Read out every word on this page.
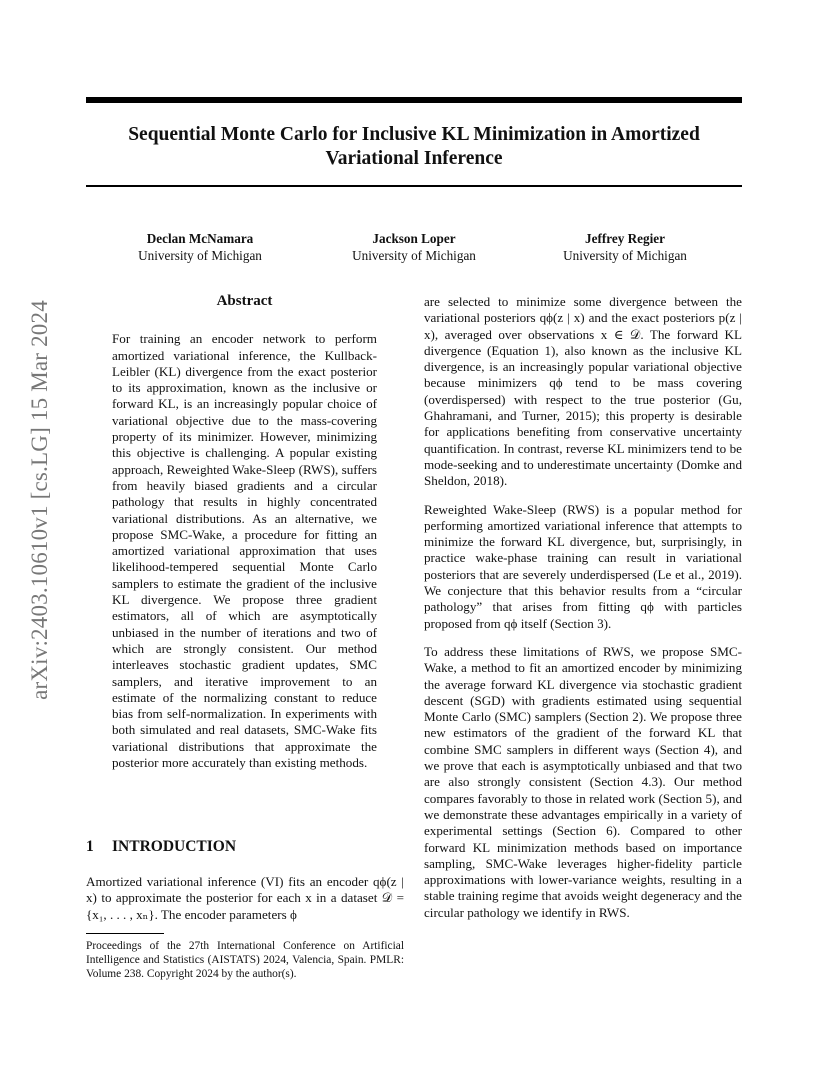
arXiv:2403.10610v1 [cs.LG] 15 Mar 2024
Sequential Monte Carlo for Inclusive KL Minimization in Amortized
Variational Inference
Declan McNamara
University of Michigan
Jackson Loper
University of Michigan
Jeffrey Regier
University of Michigan
Abstract
For training an encoder network to perform amortized variational inference, the Kullback-Leibler (KL) divergence from the exact posterior to its approximation, known as the inclusive or forward KL, is an increasingly popular choice of variational objective due to the mass-covering property of its minimizer. However, minimizing this objective is challenging. A popular existing approach, Reweighted Wake-Sleep (RWS), suffers from heavily biased gradients and a circular pathology that results in highly concentrated variational distributions. As an alternative, we propose SMC-Wake, a procedure for fitting an amortized variational approximation that uses likelihood-tempered sequential Monte Carlo samplers to estimate the gradient of the inclusive KL divergence. We propose three gradient estimators, all of which are asymptotically unbiased in the number of iterations and two of which are strongly consistent. Our method interleaves stochastic gradient updates, SMC samplers, and iterative improvement to an estimate of the normalizing constant to reduce bias from self-normalization. In experiments with both simulated and real datasets, SMC-Wake fits variational distributions that approximate the posterior more accurately than existing methods.
1 INTRODUCTION
Amortized variational inference (VI) fits an encoder qϕ(z | x) to approximate the posterior for each x in a dataset 𝒟 = {x₁, . . . , xₙ}. The encoder parameters ϕ
Proceedings of the 27th International Conference on Artificial Intelligence and Statistics (AISTATS) 2024, Valencia, Spain. PMLR: Volume 238. Copyright 2024 by the author(s).

are selected to minimize some divergence between the variational posteriors qϕ(z | x) and the exact posteriors p(z | x), averaged over observations x ∈ 𝒟. The forward KL divergence (Equation 1), also known as the inclusive KL divergence, is an increasingly popular variational objective because minimizers qϕ tend to be mass covering (overdispersed) with respect to the true posterior (Gu, Ghahramani, and Turner, 2015); this property is desirable for applications benefiting from conservative uncertainty quantification. In contrast, reverse KL minimizers tend to be mode-seeking and to underestimate uncertainty (Domke and Sheldon, 2018).

Reweighted Wake-Sleep (RWS) is a popular method for performing amortized variational inference that attempts to minimize the forward KL divergence, but, surprisingly, in practice wake-phase training can result in variational posteriors that are severely underdispersed (Le et al., 2019). We conjecture that this behavior results from a “circular pathology” that arises from fitting qϕ with particles proposed from qϕ itself (Section 3).

To address these limitations of RWS, we propose SMC-Wake, a method to fit an amortized encoder by minimizing the average forward KL divergence via stochastic gradient descent (SGD) with gradients estimated using sequential Monte Carlo (SMC) samplers (Section 2). We propose three new estimators of the gradient of the forward KL that combine SMC samplers in different ways (Section 4), and we prove that each is asymptotically unbiased and that two are also strongly consistent (Section 4.3). Our method compares favorably to those in related work (Section 5), and we demonstrate these advantages empirically in a variety of experimental settings (Section 6). Compared to other forward KL minimization methods based on importance sampling, SMC-Wake leverages higher-fidelity particle approximations with lower-variance weights, resulting in a stable training regime that avoids weight degeneracy and the circular pathology we identify in RWS.
